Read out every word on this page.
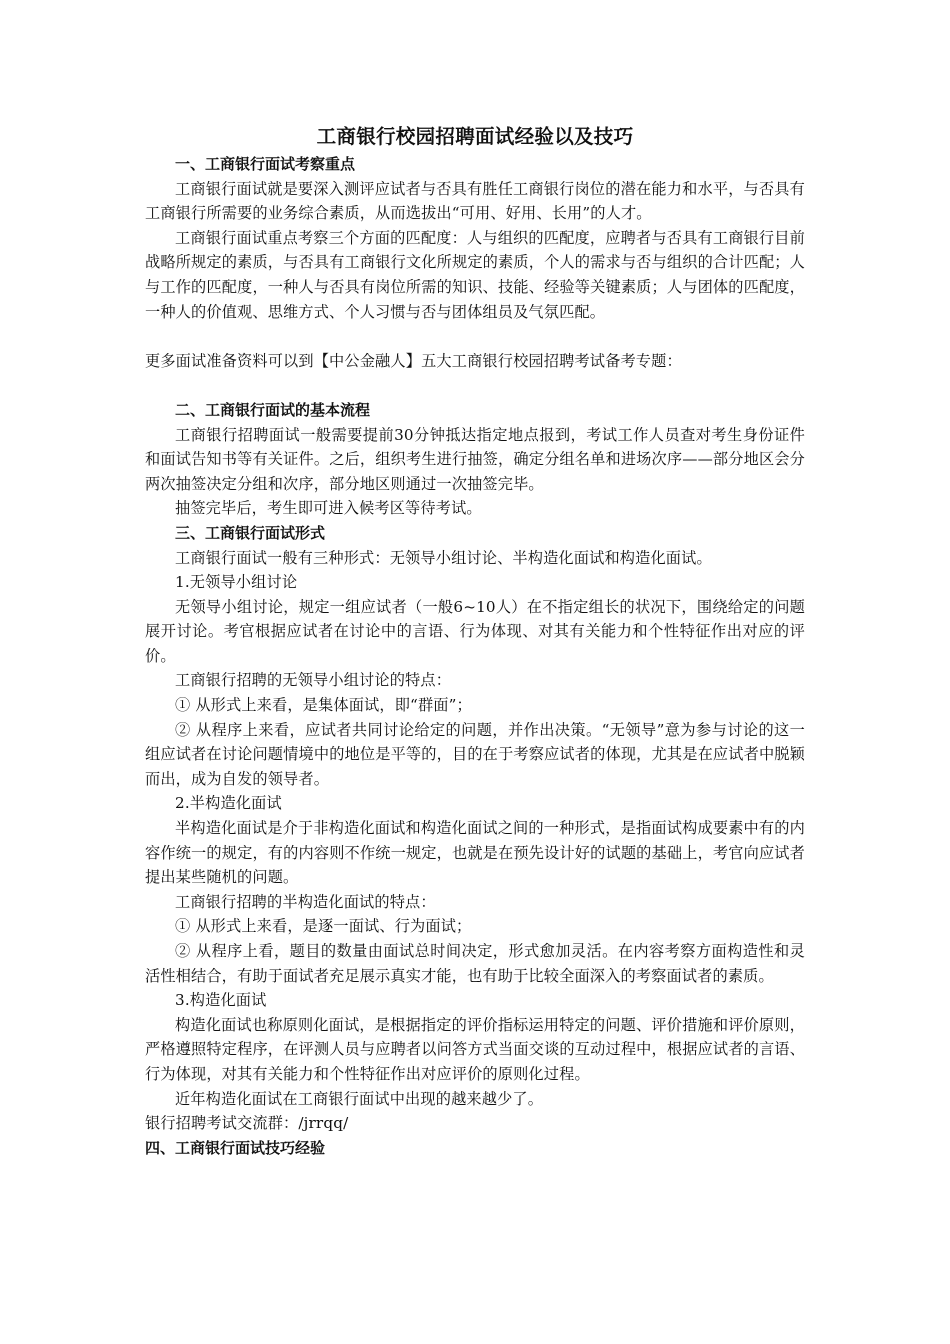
工商银行校园招聘面试经验以及技巧
一、工商银行面试考察重点
工商银行面试就是要深入测评应试者与否具有胜任工商银行岗位的潜在能力和水平，与否具有工商银行所需要的业务综合素质，从而选拔出“可用、好用、长用”的人才。
工商银行面试重点考察三个方面的匹配度：人与组织的匹配度，应聘者与否具有工商银行目前战略所规定的素质，与否具有工商银行文化所规定的素质，个人的需求与否与组织的合计匹配；人与工作的匹配度，一种人与否具有岗位所需的知识、技能、经验等关键素质；人与团体的匹配度，一种人的价值观、思维方式、个人习惯与否与团体组员及气氛匹配。
更多面试准备资料可以到【中公金融人】五大工商银行校园招聘考试备考专题：
二、工商银行面试的基本流程
工商银行招聘面试一般需要提前30分钟抵达指定地点报到，考试工作人员查对考生身份证件和面试告知书等有关证件。之后，组织考生进行抽签，确定分组名单和进场次序——部分地区会分两次抽签决定分组和次序，部分地区则通过一次抽签完毕。
抽签完毕后，考生即可进入候考区等待考试。
三、工商银行面试形式
工商银行面试一般有三种形式：无领导小组讨论、半构造化面试和构造化面试。
1.无领导小组讨论
无领导小组讨论，规定一组应试者（一般6~10人）在不指定组长的状况下，围绕给定的问题展开讨论。考官根据应试者在讨论中的言语、行为体现、对其有关能力和个性特征作出对应的评价。
工商银行招聘的无领导小组讨论的特点：
① 从形式上来看，是集体面试，即“群面”；
② 从程序上来看，应试者共同讨论给定的问题，并作出决策。“无领导”意为参与讨论的这一组应试者在讨论问题情境中的地位是平等的，目的在于考察应试者的体现，尤其是在应试者中脱颖而出，成为自发的领导者。
2.半构造化面试
半构造化面试是介于非构造化面试和构造化面试之间的一种形式，是指面试构成要素中有的内容作统一的规定，有的内容则不作统一规定，也就是在预先设计好的试题的基础上，考官向应试者提出某些随机的问题。
工商银行招聘的半构造化面试的特点：
① 从形式上来看，是逐一面试、行为面试；
② 从程序上看，题目的数量由面试总时间决定，形式愈加灵活。在内容考察方面构造性和灵活性相结合，有助于面试者充足展示真实才能，也有助于比较全面深入的考察面试者的素质。
3.构造化面试
构造化面试也称原则化面试，是根据指定的评价指标运用特定的问题、评价措施和评价原则，严格遵照特定程序，在评测人员与应聘者以问答方式当面交谈的互动过程中，根据应试者的言语、行为体现，对其有关能力和个性特征作出对应评价的原则化过程。
近年构造化面试在工商银行面试中出现的越来越少了。
银行招聘考试交流群：/jrrqq/
四、工商银行面试技巧经验
